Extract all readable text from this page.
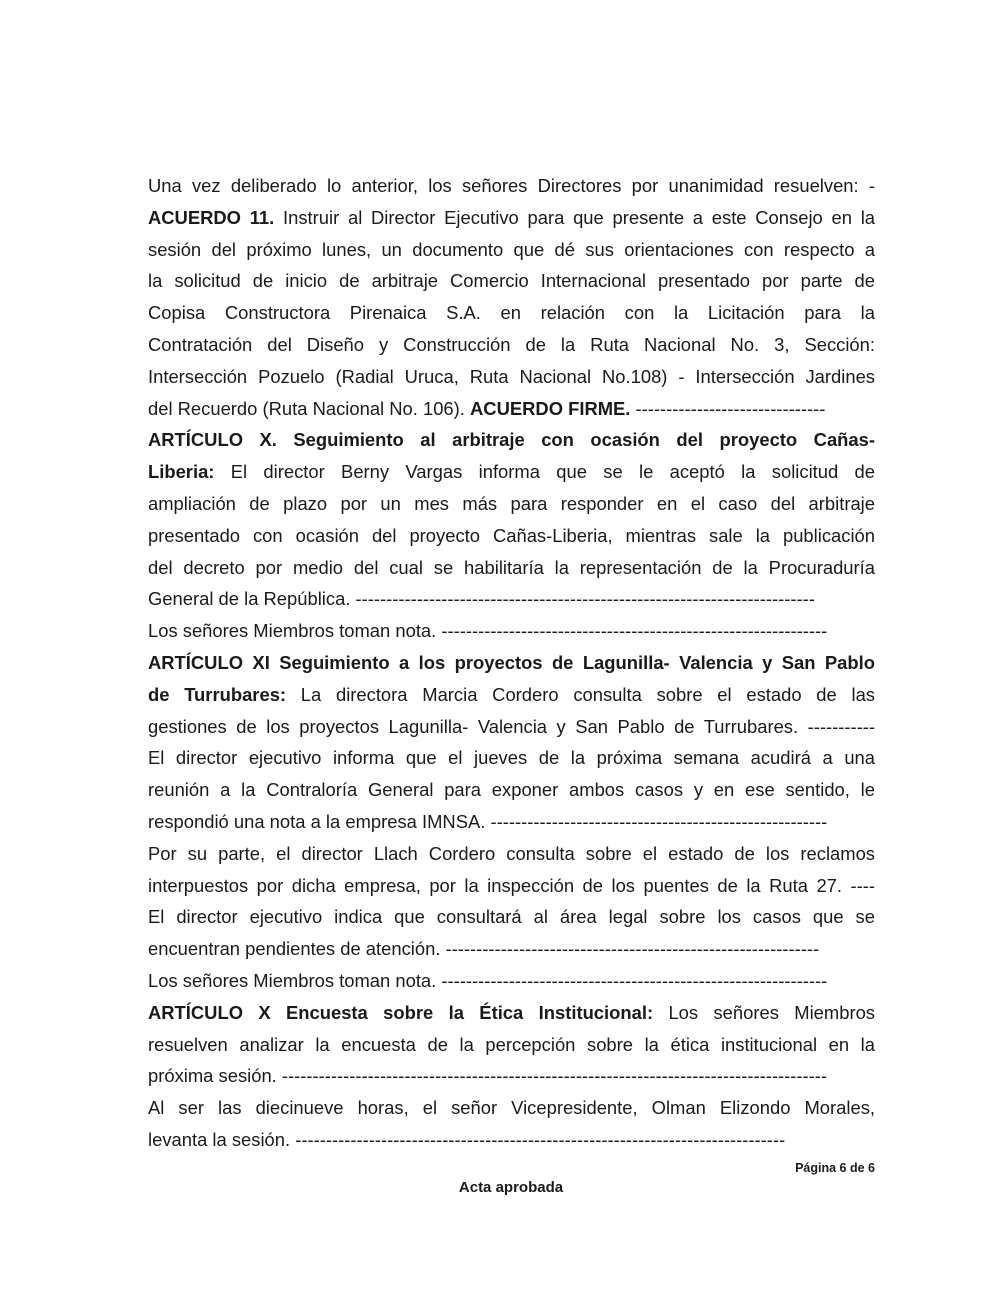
Una vez deliberado lo anterior, los señores Directores por unanimidad resuelven: -
ACUERDO 11. Instruir al Director Ejecutivo para que presente a este Consejo en la
sesión del próximo lunes, un documento que dé sus orientaciones con respecto a
la solicitud de inicio de arbitraje Comercio Internacional presentado por parte de
Copisa Constructora Pirenaica S.A. en relación con la Licitación para la
Contratación del Diseño y Construcción de la Ruta Nacional No. 3, Sección:
Intersección Pozuelo (Radial Uruca, Ruta Nacional No.108) - Intersección Jardines
del Recuerdo (Ruta Nacional No. 106). ACUERDO FIRME. -------------------------------
ARTÍCULO X. Seguimiento al arbitraje con ocasión del proyecto Cañas-
Liberia: El director Berny Vargas informa que se le aceptó la solicitud de
ampliación de plazo por un mes más para responder en el caso del arbitraje
presentado con ocasión del proyecto Cañas-Liberia, mientras sale la publicación
del decreto por medio del cual se habilitaría la representación de la Procuraduría
General de la República. ---------------------------------------------------------------------------
Los señores Miembros toman nota. ---------------------------------------------------------------
ARTÍCULO XI Seguimiento a los proyectos de Lagunilla- Valencia y San Pablo
de Turrubares: La directora Marcia Cordero consulta sobre el estado de las
gestiones de los proyectos Lagunilla- Valencia y San Pablo de Turrubares. -----------
El director ejecutivo informa que el jueves de la próxima semana acudirá a una
reunión a la Contraloría General para exponer ambos casos y en ese sentido, le
respondió una nota a la empresa IMNSA. -------------------------------------------------------
Por su parte, el director Llach Cordero consulta sobre el estado de los reclamos
interpuestos por dicha empresa, por la inspección de los puentes de la Ruta 27. ----
El director ejecutivo indica que consultará al área legal sobre los casos que se
encuentran pendientes de atención. -------------------------------------------------------------
Los señores Miembros toman nota. ---------------------------------------------------------------
ARTÍCULO X Encuesta sobre la Ética Institucional: Los señores Miembros
resuelven analizar la encuesta de la percepción sobre la ética institucional en la
próxima sesión. -----------------------------------------------------------------------------------------
Al ser las diecinueve horas, el señor Vicepresidente, Olman Elizondo Morales,
levanta la sesión. --------------------------------------------------------------------------------
Página 6 de 6
Acta aprobada
